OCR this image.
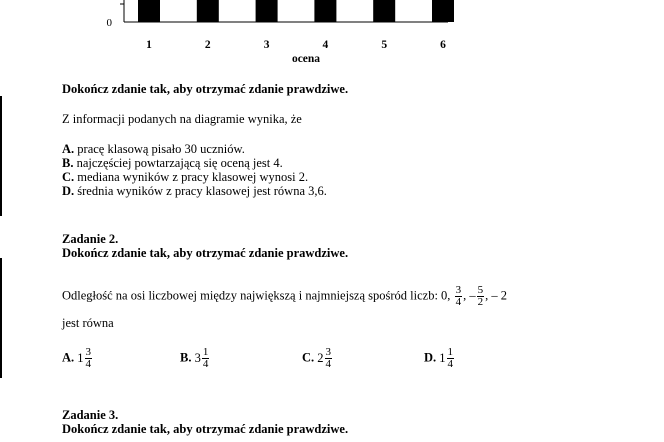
0
1	2	3	4	5	6
ocena
Dokończ zdanie tak, aby otrzymać zdanie prawdziwe.
Z informacji podanych na diagramie wynika, że
A. pracę klasową pisało 30 uczniów.
B. najczęściej powtarzającą się oceną jest 4.
C. mediana wyników z pracy klasowej wynosi 2.
D. średnia wyników z pracy klasowej jest równa 3,6.
Zadanie 2.
Dokończ zdanie tak, aby otrzymać zdanie prawdziwe.
Odległość na osi liczbowej między największą i najmniejszą spośród liczb: 0, $\frac{3}{4}$ , – $\frac{5}{2}$ , – 2
jest równa
A. $1 \frac{3}{4}$	B. $3 \frac{1}{4}$	C. $2 \frac{3}{4}$	D. $1 \frac{1}{4}$
Zadanie 3.
Dokończ zdanie tak, aby otrzymać zdanie prawdziwe.
